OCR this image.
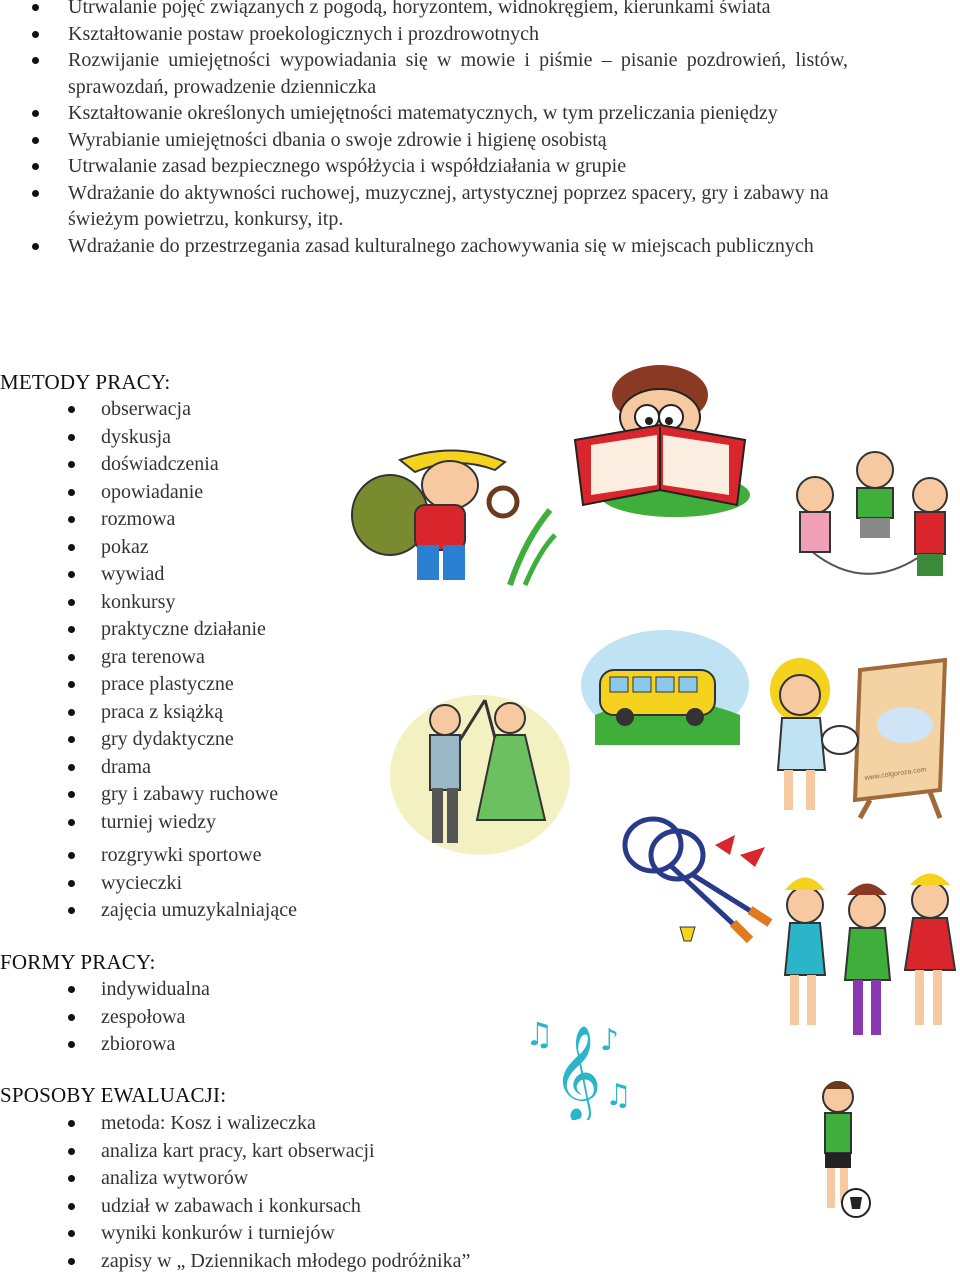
Utrwalanie pojęć związanych z pogodą, horyzontem, widnokręgiem, kierunkami świata
Kształtowanie postaw proekologicznych i prozdrowotnych
Rozwijanie umiejętności wypowiadania się w mowie i piśmie – pisanie pozdrowień, listów, sprawozdań, prowadzenie dzienniczka
Kształtowanie określonych umiejętności matematycznych, w tym przeliczania pieniędzy
Wyrabianie umiejętności dbania o swoje zdrowie i higienę osobistą
Utrwalanie zasad bezpiecznego współżycia i współdziałania w grupie
Wdrażanie do aktywności ruchowej, muzycznej, artystycznej poprzez spacery, gry i zabawy na świeżym powietrzu, konkursy, itp.
Wdrażanie do przestrzegania zasad kulturalnego zachowywania się w miejscach publicznych
METODY PRACY:
obserwacja
dyskusja
doświadczenia
opowiadanie
rozmowa
pokaz
wywiad
konkursy
praktyczne działanie
gra terenowa
prace plastyczne
praca z książką
gry dydaktyczne
drama
gry i zabawy ruchowe
turniej wiedzy
rozgrywki sportowe
wycieczki
zajęcia umuzykalniające
FORMY PRACY:
indywidualna
zespołowa
zbiorowa
SPOSOBY EWALUACJI:
metoda: Kosz i walizeczka
analiza kart pracy, kart obserwacji
analiza wytworów
udział w zabawach i konkursach
wyniki konkurów i turniejów
zapisy w „ Dziennikach młodego podróżnika”
www.colgoroza.com
𝄞
♫ ♪
♫
